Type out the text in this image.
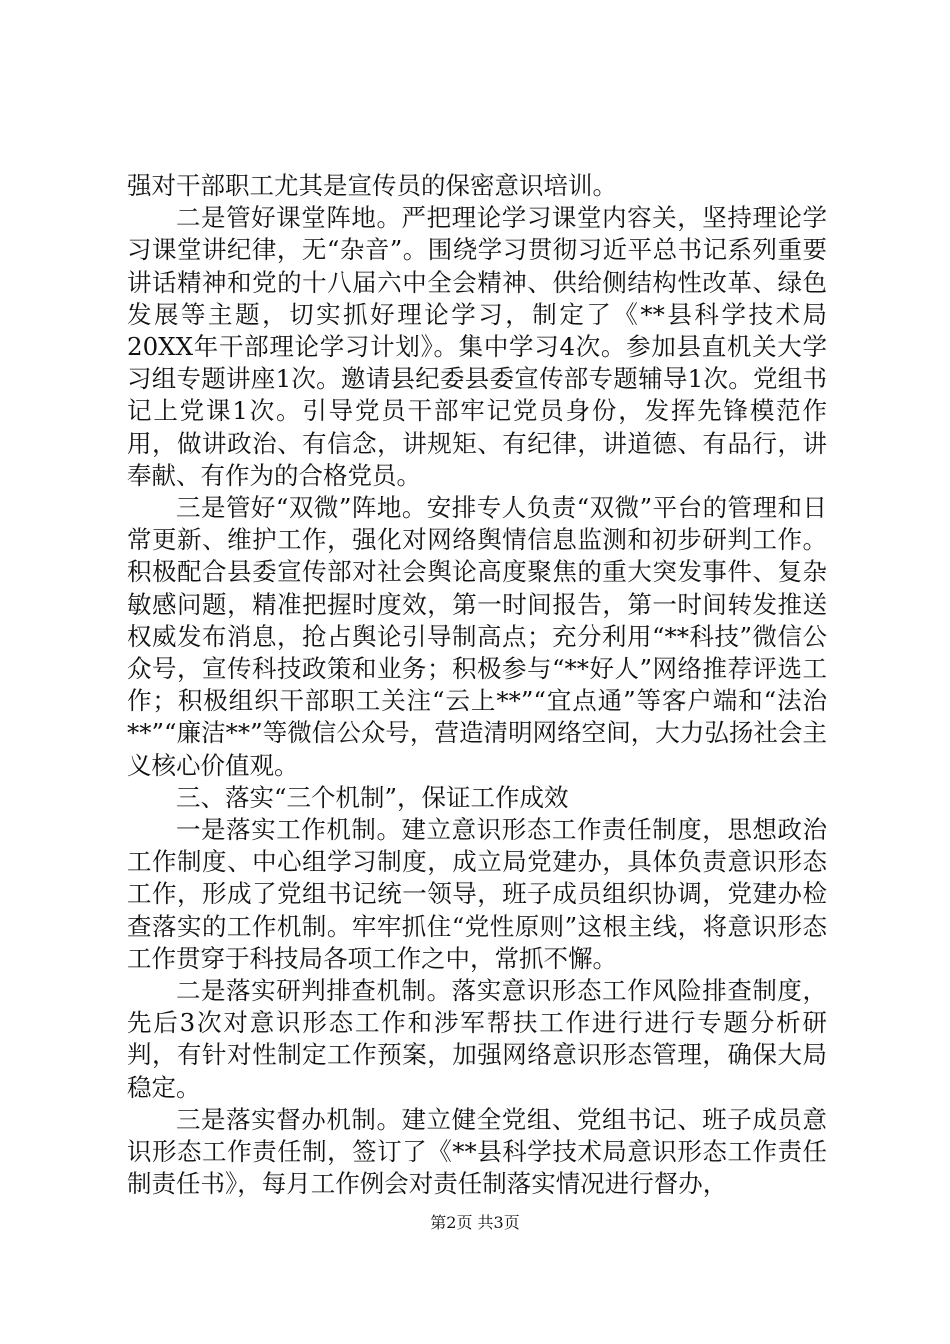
强对干部职工尤其是宣传员的保密意识培训。

二是管好课堂阵地。严把理论学习课堂内容关，坚持理论学习课堂讲纪律，无“杂音”。围绕学习贯彻习近平总书记系列重要讲话精神和党的十八届六中全会精神、供给侧结构性改革、绿色发展等主题，切实抓好理论学习，制定了《**县科学技术局20XX年干部理论学习计划》。集中学习4次。参加县直机关大学习组专题讲座1次。邀请县纪委县委宣传部专题辅导1次。党组书记上党课1次。引导党员干部牢记党员身份，发挥先锋模范作用，做讲政治、有信念，讲规矩、有纪律，讲道德、有品行，讲奉献、有作为的合格党员。

三是管好“双微”阵地。安排专人负责“双微”平台的管理和日常更新、维护工作，强化对网络舆情信息监测和初步研判工作。积极配合县委宣传部对社会舆论高度聚焦的重大突发事件、复杂敏感问题，精准把握时度效，第一时间报告，第一时间转发推送权威发布消息，抢占舆论引导制高点；充分利用“**科技”微信公众号，宣传科技政策和业务；积极参与“**好人”网络推荐评选工作；积极组织干部职工关注“云上**”“宜点通”等客户端和“法治**”“廉洁**”等微信公众号，营造清明网络空间，大力弘扬社会主义核心价值观。

三、落实“三个机制”，保证工作成效

一是落实工作机制。建立意识形态工作责任制度，思想政治工作制度、中心组学习制度，成立局党建办，具体负责意识形态工作，形成了党组书记统一领导，班子成员组织协调，党建办检查落实的工作机制。牢牢抓住“党性原则”这根主线，将意识形态工作贯穿于科技局各项工作之中，常抓不懈。

二是落实研判排查机制。落实意识形态工作风险排查制度，先后3次对意识形态工作和涉军帮扶工作进行进行专题分析研判，有针对性制定工作预案，加强网络意识形态管理，确保大局稳定。

三是落实督办机制。建立健全党组、党组书记、班子成员意识形态工作责任制，签订了《**县科学技术局意识形态工作责任制责任书》，每月工作例会对责任制落实情况进行督办，

第2页 共3页
